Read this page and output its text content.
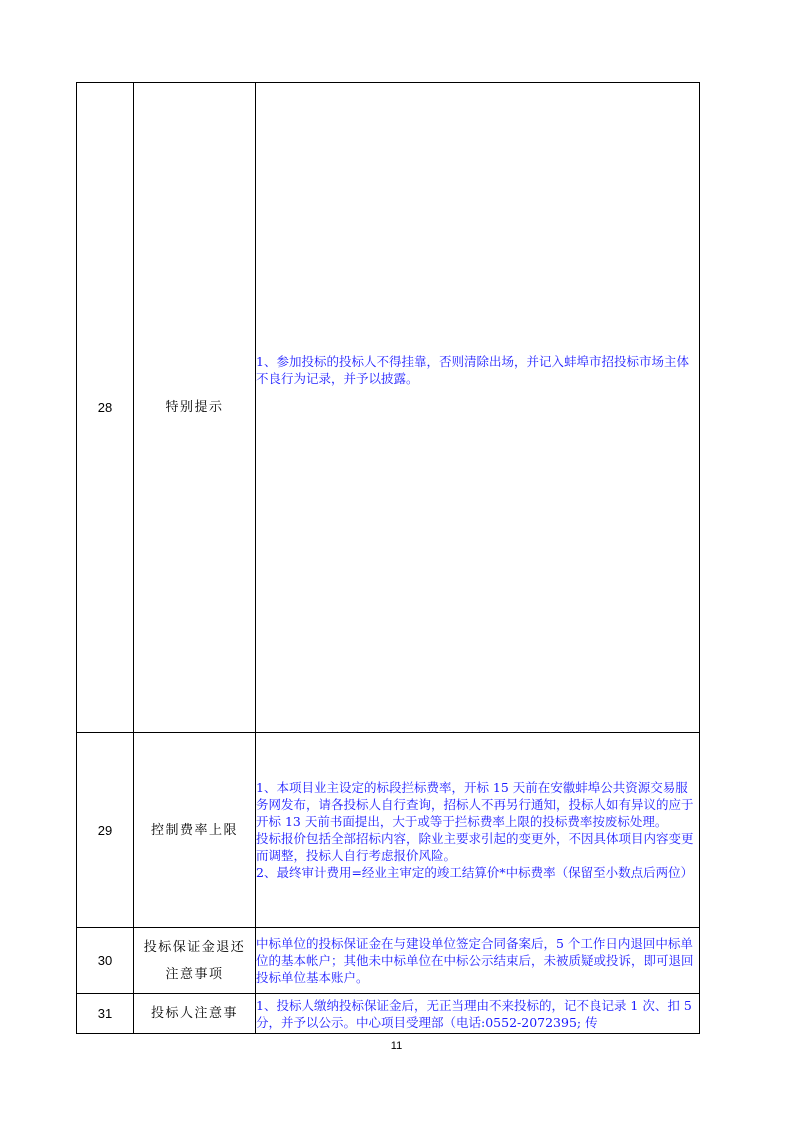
28	特别提示	1、参加投标的投标人不得挂靠，否则清除出场，并记入蚌埠市招投标市场主体不良行为记录，并予以披露。

29	控制费率上限	1、本项目业主设定的标段拦标费率，开标 15 天前在安徽蚌埠公共资源交易服务网发布，请各投标人自行查询，招标人不再另行通知，投标人如有异议的应于开标 13 天前书面提出，大于或等于拦标费率上限的投标费率按废标处理。

投标报价包括全部招标内容，除业主要求引起的变更外，不因具体项目内容变更而调整，投标人自行考虑报价风险。

2、最终审计费用=经业主审定的竣工结算价*中标费率（保留至小数点后两位）

30	投标保证金退还注意事项	中标单位的投标保证金在与建设单位签定合同备案后，5 个工作日内退回中标单位的基本帐户；其他未中标单位在中标公示结束后，未被质疑或投诉，即可退回投标单位基本账户。

31	投标人注意事	1、投标人缴纳投标保证金后，无正当理由不来投标的，记不良记录 1 次、扣 5 分，并予以公示。中心项目受理部（电话:0552-2072395; 传

11
